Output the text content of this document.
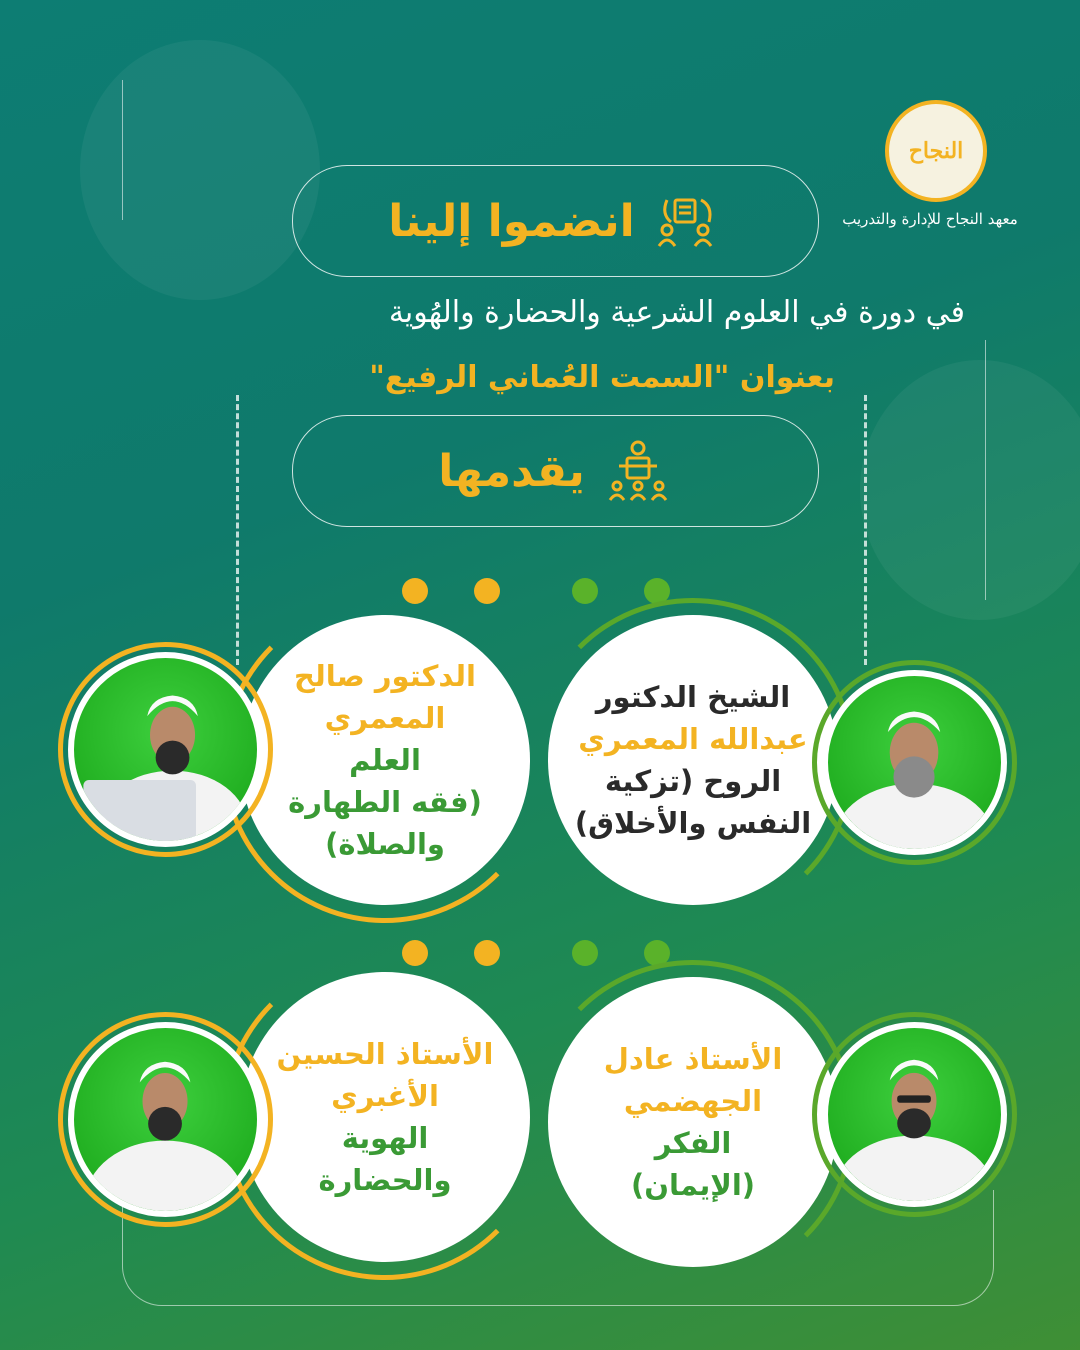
النجاح
معهد النجاح للإدارة والتدريب
انضموا إلينا
في دورة في العلوم الشرعية والحضارة والهُوية
بعنوان "السمت العُماني الرفيع"
يقدمها
الشيخ الدكتور
عبدالله المعمري
الروح (تزكية
النفس والأخلاق)
الدكتور صالح
المعمري
العلم
(فقه الطهارة
والصلاة)
الأستاذ عادل
الجهضمي
الفكر
(الإيمان)
الأستاذ الحسين
الأغبري
الهوية
والحضارة
